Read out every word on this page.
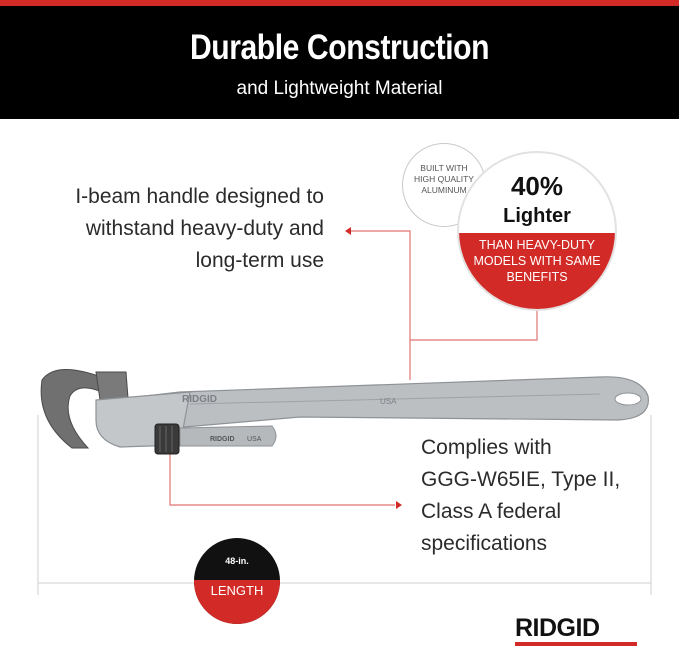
Durable Construction
and Lightweight Material
RIDGID	USA
RIDGID USA
I-beam handle designed to
withstand heavy-duty and
long-term use
Complies with
GGG-W65IE, Type II,
Class A federal
specifications
BUILT WITH
HIGH QUALITY
ALUMINUM	40%
Lighter
THAN HEAVY-DUTY
MODELS WITH SAME
BENEFITS
48-in.
LENGTH
RIDGID
